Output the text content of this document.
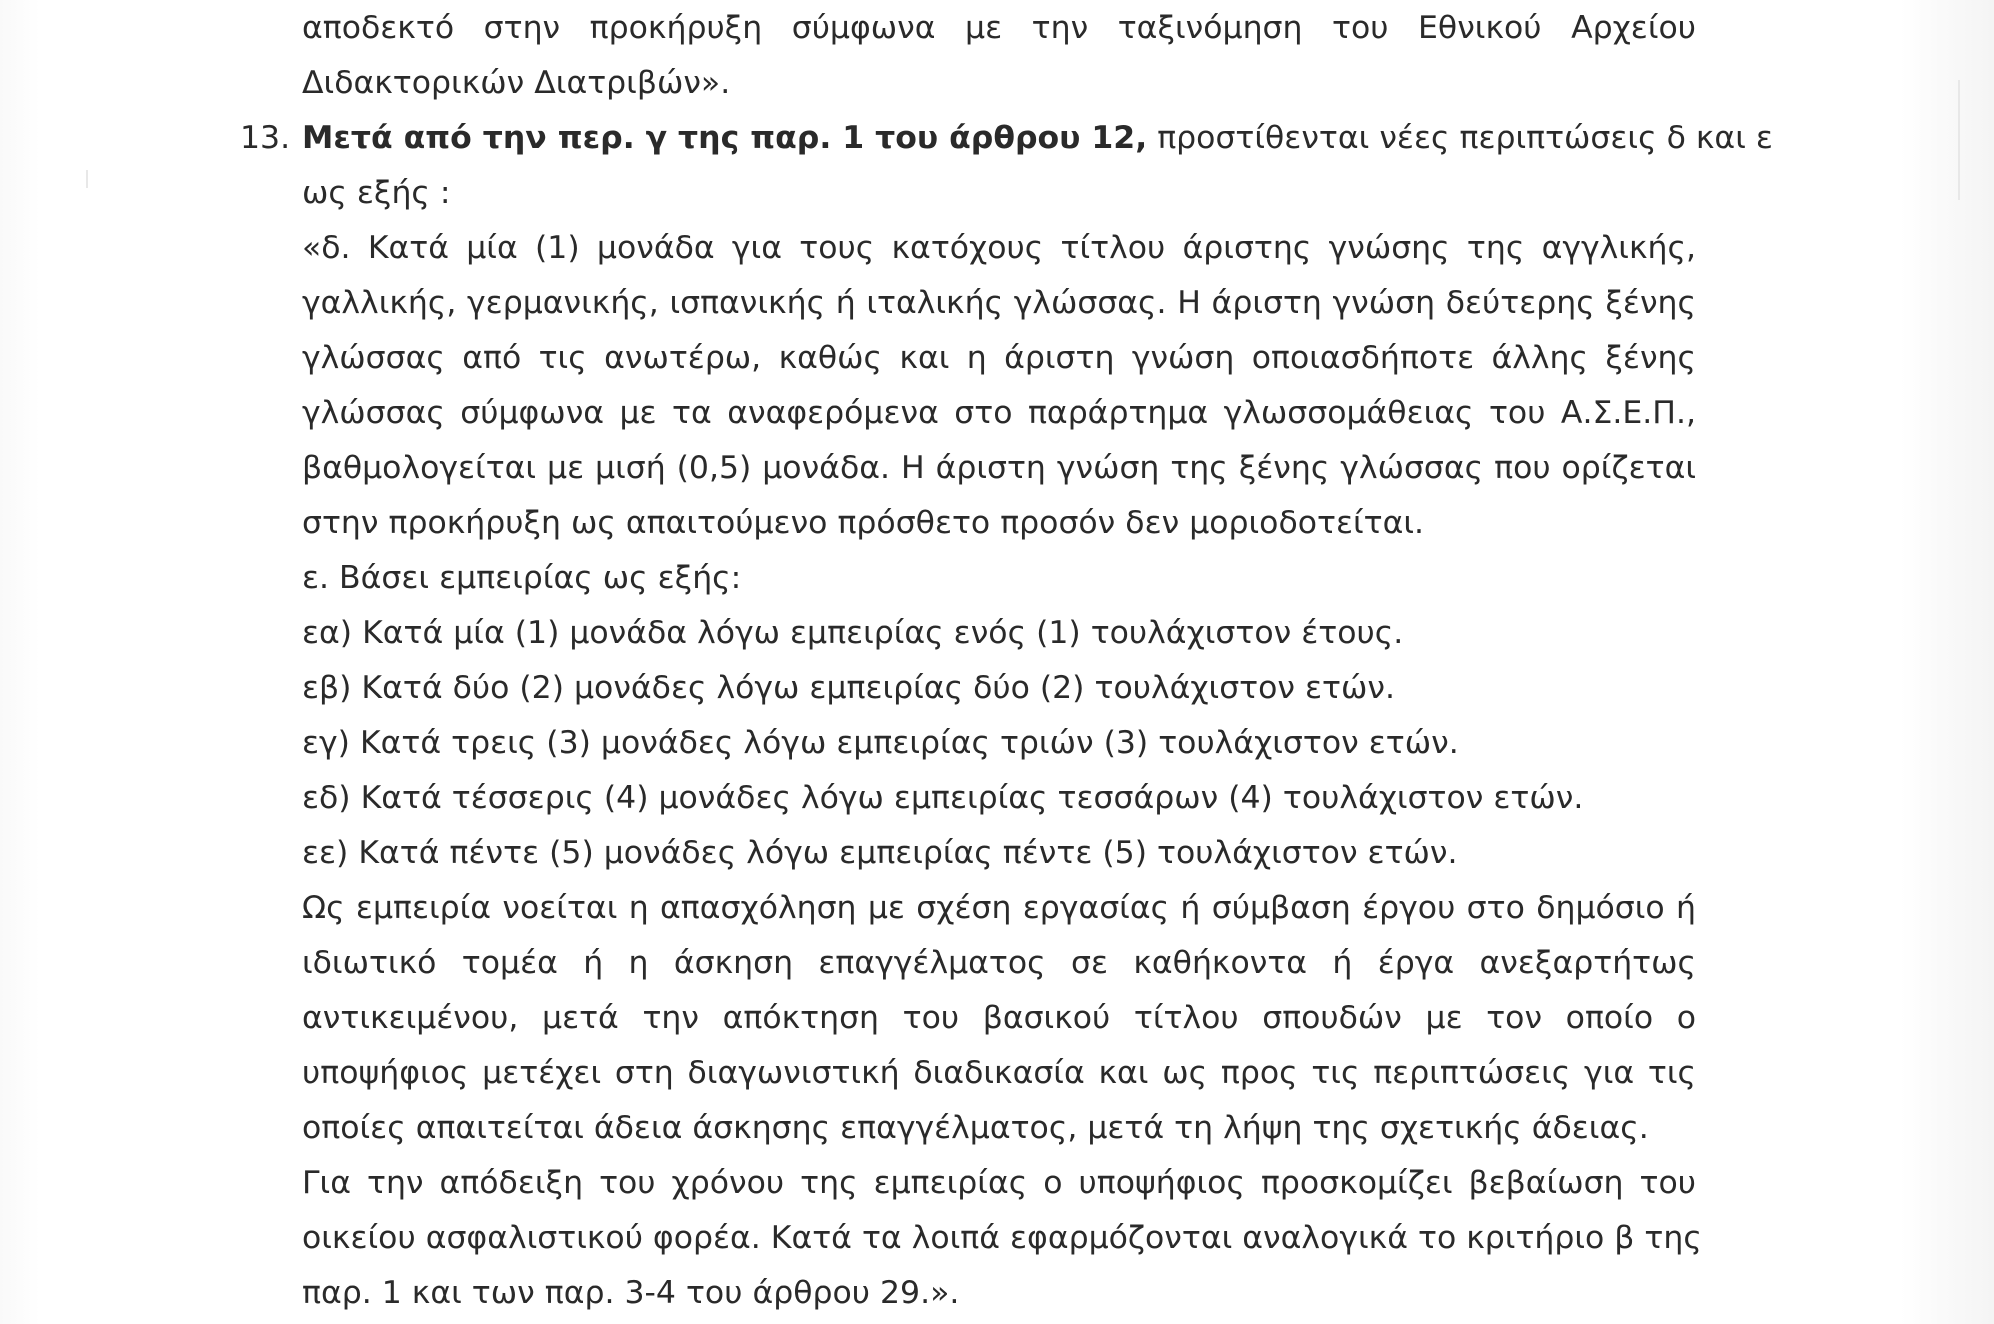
13.
αποδεκτό στην προκήρυξη σύμφωνα με την ταξινόμηση του Εθνικού Αρχείου
Διδακτορικών Διατριβών».
Μετά από την περ. γ της παρ. 1 του άρθρου 12, προστίθενται νέες περιπτώσεις δ και ε
ως εξής :
«δ. Κατά μία (1) μονάδα για τους κατόχους τίτλου άριστης γνώσης της αγγλικής,
γαλλικής, γερμανικής, ισπανικής ή ιταλικής γλώσσας. Η άριστη γνώση δεύτερης ξένης
γλώσσας από τις ανωτέρω, καθώς και η άριστη γνώση οποιασδήποτε άλλης ξένης
γλώσσας σύμφωνα με τα αναφερόμενα στο παράρτημα γλωσσομάθειας του Α.Σ.Ε.Π.,
βαθμολογείται με μισή (0,5) μονάδα. Η άριστη γνώση της ξένης γλώσσας που ορίζεται
στην προκήρυξη ως απαιτούμενο πρόσθετο προσόν δεν μοριοδοτείται.
ε. Βάσει εμπειρίας ως εξής:
εα) Κατά μία (1) μονάδα λόγω εμπειρίας ενός (1) τουλάχιστον έτους.
εβ) Κατά δύο (2) μονάδες λόγω εμπειρίας δύο (2) τουλάχιστον ετών.
εγ) Κατά τρεις (3) μονάδες λόγω εμπειρίας τριών (3) τουλάχιστον ετών.
εδ) Κατά τέσσερις (4) μονάδες λόγω εμπειρίας τεσσάρων (4) τουλάχιστον ετών.
εε) Κατά πέντε (5) μονάδες λόγω εμπειρίας πέντε (5) τουλάχιστον ετών.
Ως εμπειρία νοείται η απασχόληση με σχέση εργασίας ή σύμβαση έργου στο δημόσιο ή
ιδιωτικό τομέα ή η άσκηση επαγγέλματος σε καθήκοντα ή έργα ανεξαρτήτως
αντικειμένου, μετά την απόκτηση του βασικού τίτλου σπουδών με τον οποίο ο
υποψήφιος μετέχει στη διαγωνιστική διαδικασία και ως προς τις περιπτώσεις για τις
οποίες απαιτείται άδεια άσκησης επαγγέλματος, μετά τη λήψη της σχετικής άδειας.
Για την απόδειξη του χρόνου της εμπειρίας ο υποψήφιος προσκομίζει βεβαίωση του
οικείου ασφαλιστικού φορέα. Κατά τα λοιπά εφαρμόζονται αναλογικά το κριτήριο β της
παρ. 1 και των παρ. 3-4 του άρθρου 29.».
